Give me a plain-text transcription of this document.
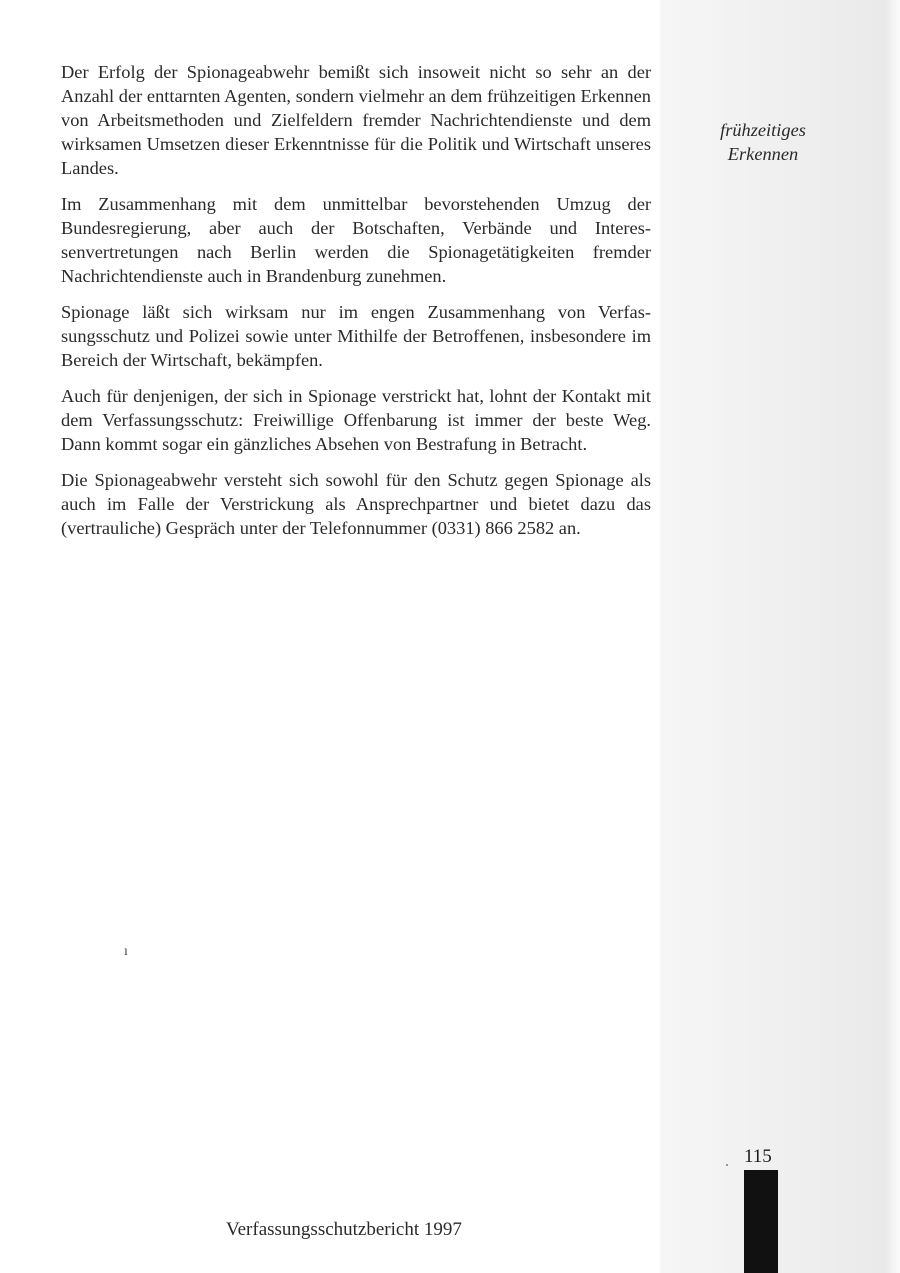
Der Erfolg der Spionageabwehr bemißt sich insoweit nicht so sehr an der Anzahl der enttarnten Agenten, sondern vielmehr an dem frühzeitigen Erkennen von Arbeitsmethoden und Zielfeldern fremder Nachrichtendienste und dem wirksamen Umsetzen dieser Erkenntnisse für die Politik und Wirtschaft unseres Landes.

Im Zusammenhang mit dem unmittelbar bevorstehenden Umzug der Bundesregierung, aber auch der Botschaften, Verbände und Interessenvertretungen nach Berlin werden die Spionagetätigkeiten fremder Nachrichtendienste auch in Brandenburg zunehmen.

Spionage läßt sich wirksam nur im engen Zusammenhang von Verfassungsschutz und Polizei sowie unter Mithilfe der Betroffenen, insbesondere im Bereich der Wirtschaft, bekämpfen.

Auch für denjenigen, der sich in Spionage verstrickt hat, lohnt der Kontakt mit dem Verfassungsschutz: Freiwillige Offenbarung ist immer der beste Weg. Dann kommt sogar ein gänzliches Absehen von Bestrafung in Betracht.

Die Spionageabwehr versteht sich sowohl für den Schutz gegen Spionage als auch im Falle der Verstrickung als Ansprechpartner und bietet dazu das (vertrauliche) Gespräch unter der Telefonnummer (0331) 866 2582 an.

frühzeitiges
Erkennen
ı
115
Verfassungsschutzbericht 1997
